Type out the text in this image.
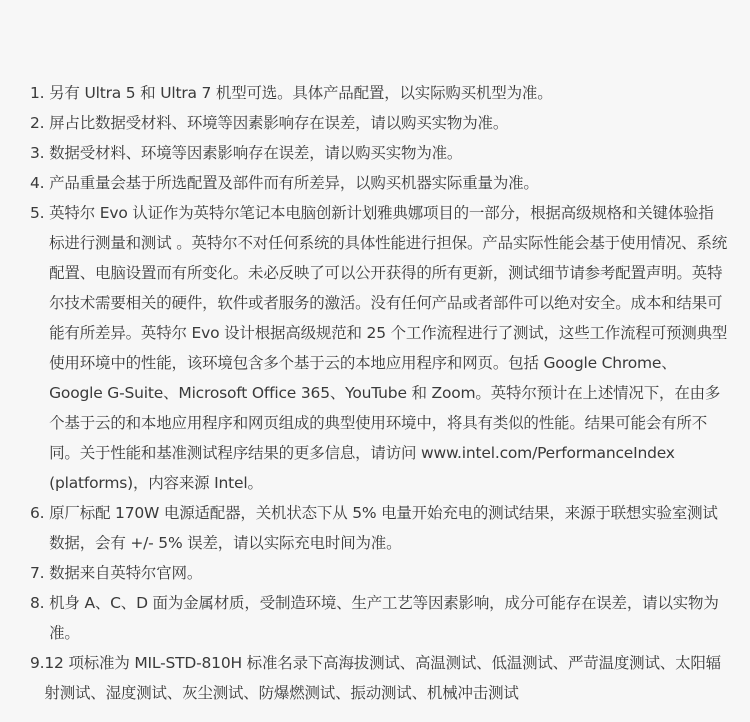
1.
另有 Ultra 5 和 Ultra 7 机型可选。具体产品配置，以实际购买机型为准。
2.
屏占比数据受材料、环境等因素影响存在误差，请以购买实物为准。
3.
数据受材料、环境等因素影响存在误差，请以购买实物为准。
4.
产品重量会基于所选配置及部件而有所差异，以购买机器实际重量为准。
5.
英特尔 Evo 认证作为英特尔笔记本电脑创新计划雅典娜项目的一部分，根据高级规格和关键体验指标进行测量和测试 。英特尔不对任何系统的具体性能进行担保。产品实际性能会基于使用情况、系统配置、电脑设置而有所变化。未必反映了可以公开获得的所有更新，测试细节请参考配置声明。英特尔技术需要相关的硬件，软件或者服务的激活。没有任何产品或者部件可以绝对安全。成本和结果可能有所差异。英特尔 Evo 设计根据高级规范和 25 个工作流程进行了测试，这些工作流程可预测典型使用环境中的性能，该环境包含多个基于云的本地应用程序和网页。包括 Google Chrome、Google G-Suite、Microsoft Office 365、YouTube 和 Zoom。英特尔预计在上述情况下，在由多个基于云的和本地应用程序和网页组成的典型使用环境中，将具有类似的性能。结果可能会有所不同。关于性能和基准测试程序结果的更多信息，请访问 www.intel.com/PerformanceIndex (platforms)，内容来源 Intel。
6.
原厂标配 170W 电源适配器，关机状态下从 5% 电量开始充电的测试结果，来源于联想实验室测试数据，会有 +/- 5% 误差，请以实际充电时间为准。
7.
数据来自英特尔官网。
8.
机身 A、C、D 面为金属材质，受制造环境、生产工艺等因素影响，成分可能存在误差，请以实物为准。
9. 12 项标准为 MIL-STD-810H 标准名录下高海拔测试、高温测试、低温测试、严苛温度测试、太阳辐射测试、湿度测试、灰尘测试、防爆燃测试、振动测试、机械冲击测试
